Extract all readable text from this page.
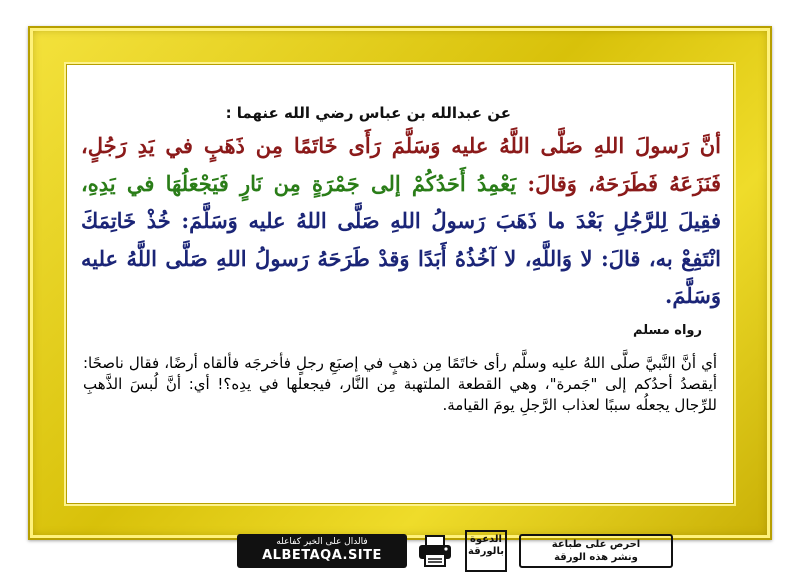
عن عبدالله بن عباس رضي الله عنهما :
أنَّ رَسولَ اللهِ صَلَّى اللَّهُ عليه وَسَلَّمَ رَأَى خَاتَمًا مِن ذَهَبٍ في يَدِ رَجُلٍ، فَنَزَعَهُ فَطَرَحَهُ، وَقالَ: يَعْمِدُ أَحَدُكُمْ إلى جَمْرَةٍ مِن نَارٍ فَيَجْعَلُهَا في يَدِهِ، فقِيلَ لِلرَّجُلِ بَعْدَ ما ذَهَبَ رَسولُ اللهِ صَلَّى اللهُ عليه وَسَلَّمَ: خُذْ خَاتِمَكَ انْتَفِعْ به، قالَ: لا وَاللَّهِ، لا آخُذُهُ أَبَدًا وَقدْ طَرَحَهُ رَسولُ اللهِ صَلَّى اللَّهُ عليه وَسَلَّمَ.
رواه مسلم
أي أنَّ النَّبيَّ صلَّى اللهُ عليه وسلَّم رأى خاتَمًا مِن ذهبٍ في إصبَعِ رجلٍ فأخرجَه فألقاه أرضًا، فقال ناصحًا: أيقصدُ أحدُكم إلى "جَمرة"، وهي القطعة الملتهبة مِن النَّار، فيجعلها في يدِه؟! أي: أنَّ لُبسَ الذَّهبِ للرِّجال يجعلُه سببًا لعذاب الرَّجلِ يومَ القيامة.
فالدال على الخير كفاعله
ALBETAQA.SITE
الدعوة
بالورقة
احرص على طباعة
ونشر هذه الورقة
